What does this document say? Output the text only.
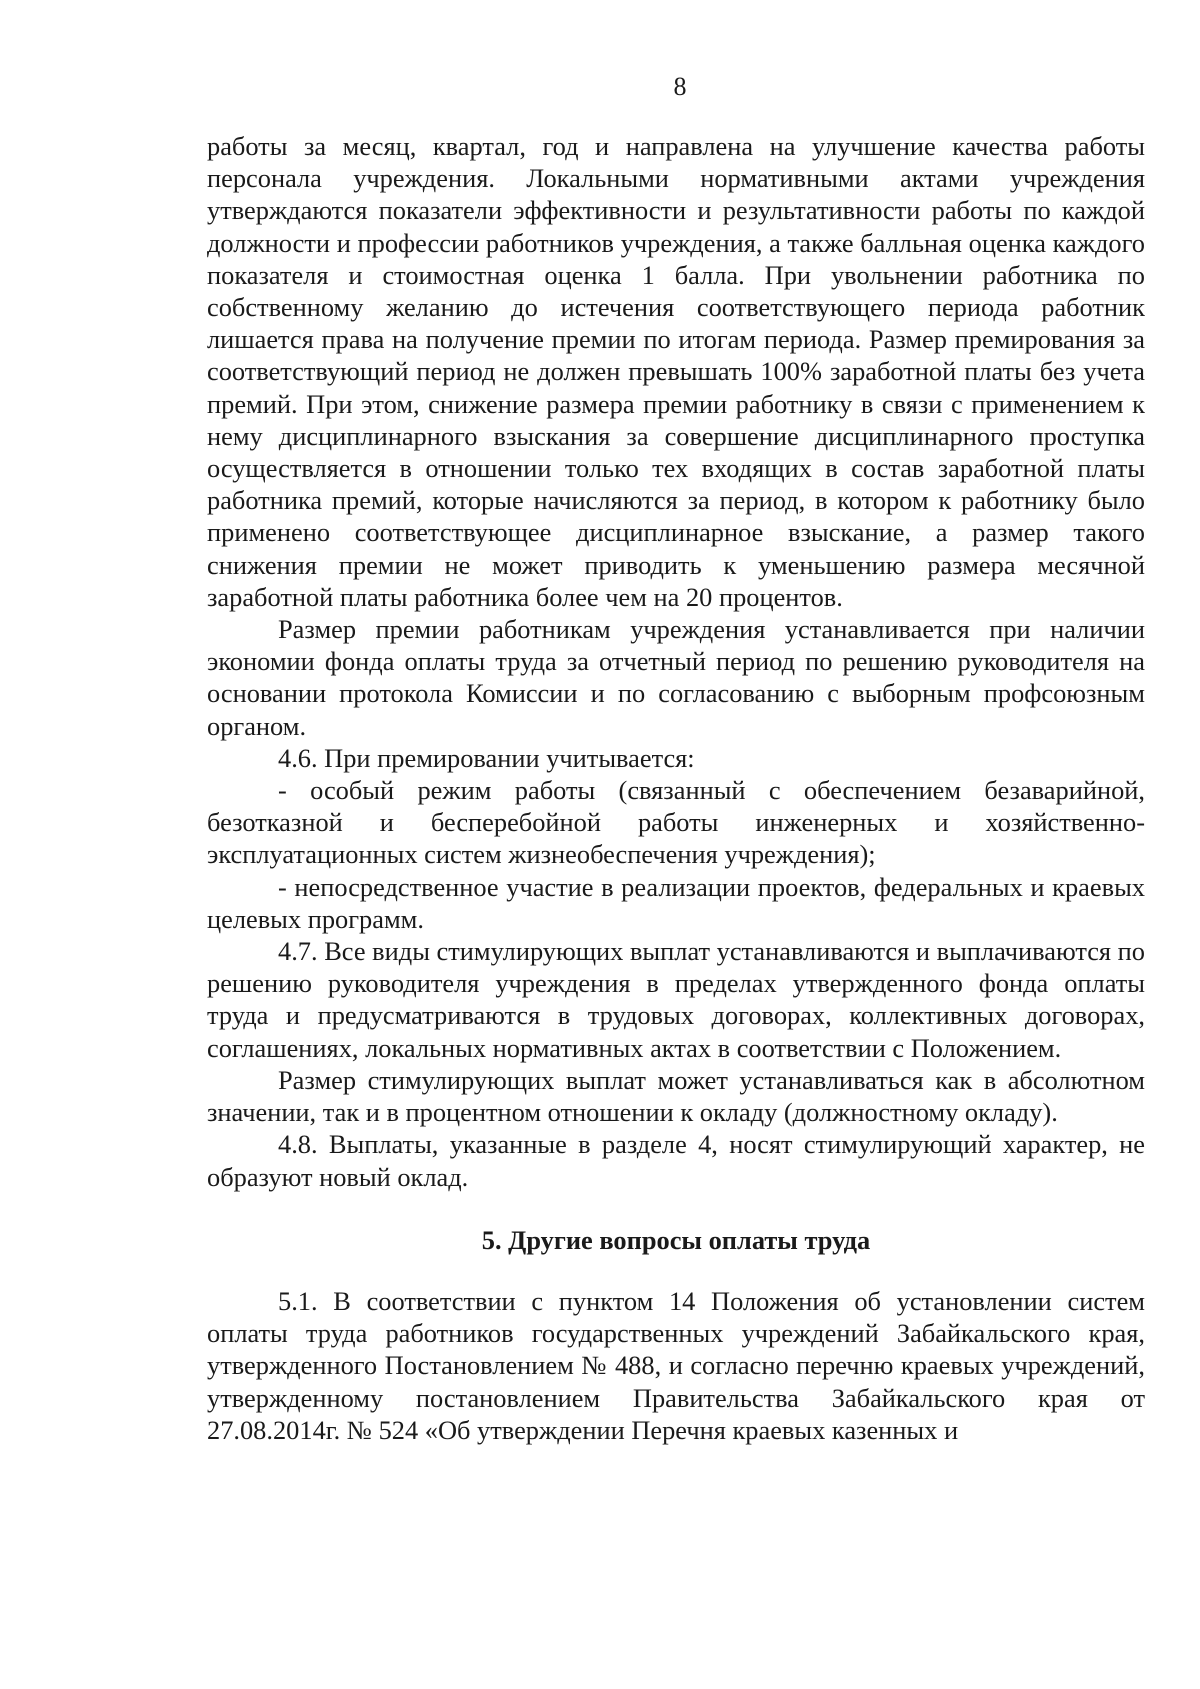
8

работы за месяц, квартал, год и направлена на улучшение качества работы персонала учреждения. Локальными нормативными актами учреждения утверждаются показатели эффективности и результативности работы по каждой должности и профессии работников учреждения, а также балльная оценка каждого показателя и стоимостная оценка 1 балла. При увольнении работника по собственному желанию до истечения соответствующего периода работник лишается права на получение премии по итогам периода. Размер премирования за соответствующий период не должен превышать 100% заработной платы без учета премий. При этом, снижение размера премии работнику в связи с применением к нему дисциплинарного взыскания за совершение дисциплинарного проступка осуществляется в отношении только тех входящих в состав заработной платы работника премий, которые начисляются за период, в котором к работнику было применено соответствующее дисциплинарное взыскание, а размер такого снижения премии не может приводить к уменьшению размера месячной заработной платы работника более чем на 20 процентов.

Размер премии работникам учреждения устанавливается при наличии экономии фонда оплаты труда за отчетный период по решению руководителя на основании протокола Комиссии и по согласованию с выборным профсоюзным органом.

4.6. При премировании учитывается:

- особый режим работы (связанный с обеспечением безаварийной, безотказной и бесперебойной работы инженерных и хозяйственно-эксплуатационных систем жизнеобеспечения учреждения);

- непосредственное участие в реализации проектов, федеральных и краевых целевых программ.

4.7. Все виды стимулирующих выплат устанавливаются и выплачиваются по решению руководителя учреждения в пределах утвержденного фонда оплаты труда и предусматриваются в трудовых договорах, коллективных договорах, соглашениях, локальных нормативных актах в соответствии с Положением.

Размер стимулирующих выплат может устанавливаться как в абсолютном значении, так и в процентном отношении к окладу (должностному окладу).

4.8. Выплаты, указанные в разделе 4, носят стимулирующий характер, не образуют новый оклад.

5. Другие вопросы оплаты труда

5.1. В соответствии с пунктом 14 Положения об установлении систем оплаты труда работников государственных учреждений Забайкальского края, утвержденного Постановлением № 488, и согласно перечню краевых учреждений, утвержденному постановлением Правительства Забайкальского края от 27.08.2014г. № 524 «Об утверждении Перечня краевых казенных и
